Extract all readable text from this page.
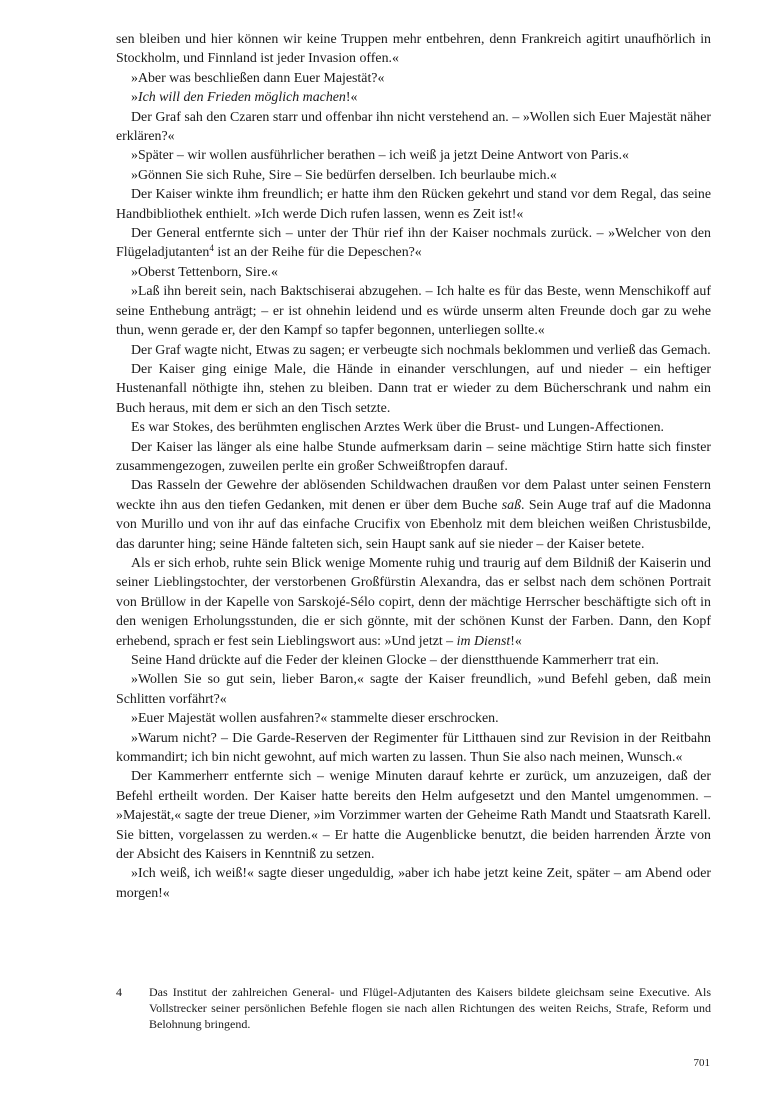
sen bleiben und hier können wir keine Truppen mehr entbehren, denn Frankreich agitirt unaufhörlich in Stockholm, und Finnland ist jeder Invasion offen.«

»Aber was beschließen dann Euer Majestät?«

»Ich will den Frieden möglich machen!«

Der Graf sah den Czaren starr und offenbar ihn nicht verstehend an. – »Wollen sich Euer Majestät näher erklären?«

»Später – wir wollen ausführlicher berathen – ich weiß ja jetzt Deine Antwort von Paris.«

»Gönnen Sie sich Ruhe, Sire – Sie bedürfen derselben. Ich beurlaube mich.«

Der Kaiser winkte ihm freundlich; er hatte ihm den Rücken gekehrt und stand vor dem Regal, das seine Handbibliothek enthielt. »Ich werde Dich rufen lassen, wenn es Zeit ist!«

Der General entfernte sich – unter der Thür rief ihn der Kaiser nochmals zurück. – »Welcher von den Flügeladjutanten$^4$ ist an der Reihe für die Depeschen?«

»Oberst Tettenborn, Sire.«

»Laß ihn bereit sein, nach Baktschiserai abzugehen. – Ich halte es für das Beste, wenn Menschikoff auf seine Enthebung anträgt; – er ist ohnehin leidend und es würde unserm alten Freunde doch gar zu wehe thun, wenn gerade er, der den Kampf so tapfer begonnen, unterliegen sollte.«

Der Graf wagte nicht, Etwas zu sagen; er verbeugte sich nochmals beklommen und verließ das Gemach.

Der Kaiser ging einige Male, die Hände in einander verschlungen, auf und nieder – ein heftiger Hustenanfall nöthigte ihn, stehen zu bleiben. Dann trat er wieder zu dem Bücherschrank und nahm ein Buch heraus, mit dem er sich an den Tisch setzte.

Es war Stokes, des berühmten englischen Arztes Werk über die Brust- und Lungen-Affectionen.

Der Kaiser las länger als eine halbe Stunde aufmerksam darin – seine mächtige Stirn hatte sich finster zusammengezogen, zuweilen perlte ein großer Schweißtropfen darauf.

Das Rasseln der Gewehre der ablösenden Schildwachen draußen vor dem Palast unter seinen Fenstern weckte ihn aus den tiefen Gedanken, mit denen er über dem Buche saß. Sein Auge traf auf die Madonna von Murillo und von ihr auf das einfache Crucifix von Ebenholz mit dem bleichen weißen Christusbilde, das darunter hing; seine Hände falteten sich, sein Haupt sank auf sie nieder – der Kaiser betete.

Als er sich erhob, ruhte sein Blick wenige Momente ruhig und traurig auf dem Bildniß der Kaiserin und seiner Lieblingstochter, der verstorbenen Großfürstin Alexandra, das er selbst nach dem schönen Portrait von Brüllow in der Kapelle von Sarskojé-Sélo copirt, denn der mächtige Herrscher beschäftigte sich oft in den wenigen Erholungsstunden, die er sich gönnte, mit der schönen Kunst der Farben. Dann, den Kopf erhebend, sprach er fest sein Lieblingswort aus: »Und jetzt – im Dienst!«

Seine Hand drückte auf die Feder der kleinen Glocke – der dienstthuende Kammerherr trat ein.

»Wollen Sie so gut sein, lieber Baron,« sagte der Kaiser freundlich, »und Befehl geben, daß mein Schlitten vorfährt?«

»Euer Majestät wollen ausfahren?« stammelte dieser erschrocken.

»Warum nicht? – Die Garde-Reserven der Regimenter für Litthauen sind zur Revision in der Reitbahn kommandirt; ich bin nicht gewohnt, auf mich warten zu lassen. Thun Sie also nach meinen, Wunsch.«

Der Kammerherr entfernte sich – wenige Minuten darauf kehrte er zurück, um anzuzeigen, daß der Befehl ertheilt worden. Der Kaiser hatte bereits den Helm aufgesetzt und den Mantel umgenommen. – »Majestät,« sagte der treue Diener, »im Vorzimmer warten der Geheime Rath Mandt und Staatsrath Karell. Sie bitten, vorgelassen zu werden.« – Er hatte die Augenblicke benutzt, die beiden harrenden Ärzte von der Absicht des Kaisers in Kenntniß zu setzen.

»Ich weiß, ich weiß!« sagte dieser ungeduldig, »aber ich habe jetzt keine Zeit, später – am Abend oder morgen!«

4	Das Institut der zahlreichen General- und Flügel-Adjutanten des Kaisers bildete gleichsam seine Executive. Als Vollstrecker seiner persönlichen Befehle flogen sie nach allen Richtungen des weiten Reichs, Strafe, Reform und Belohnung bringend.
701
